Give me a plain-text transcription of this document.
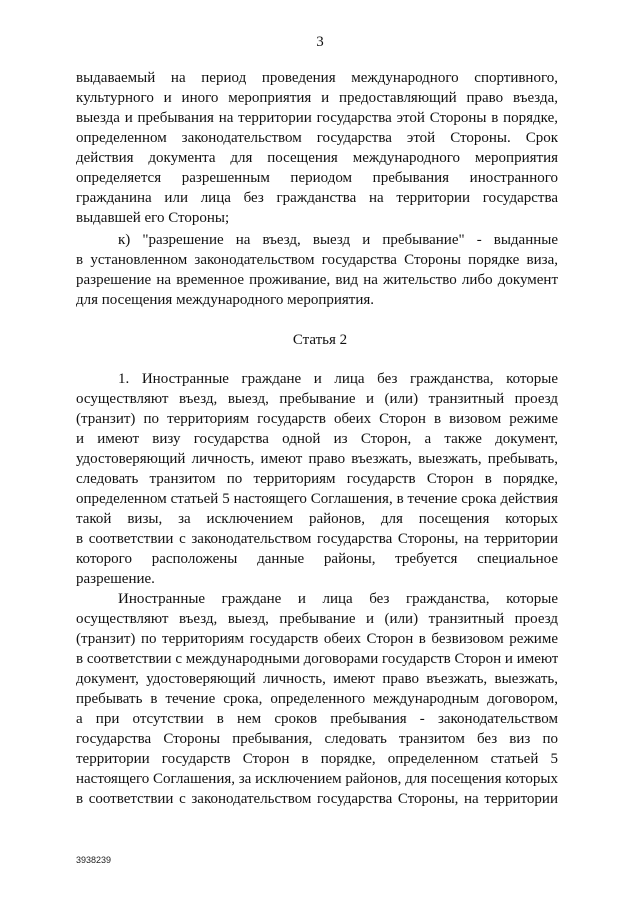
3
выдаваемый на период проведения международного спортивного,
культурного и иного мероприятия и предоставляющий право въезда,
выезда и пребывания на территории государства этой Стороны в порядке,
определенном законодательством государства этой Стороны. Срок
действия документа для посещения международного мероприятия
определяется разрешенным периодом пребывания иностранного
гражданина или лица без гражданства на территории государства
выдавшей его Стороны;
к) "разрешение на въезд, выезд и пребывание" - выданные
в установленном законодательством государства Стороны порядке виза,
разрешение на временное проживание, вид на жительство либо документ
для посещения международного мероприятия.
Статья 2
1. Иностранные граждане и лица без гражданства, которые
осуществляют въезд, выезд, пребывание и (или) транзитный проезд
(транзит) по территориям государств обеих Сторон в визовом режиме
и имеют визу государства одной из Сторон, а также документ,
удостоверяющий личность, имеют право въезжать, выезжать, пребывать,
следовать транзитом по территориям государств Сторон в порядке,
определенном статьей 5 настоящего Соглашения, в течение срока действия
такой визы, за исключением районов, для посещения которых
в соответствии с законодательством государства Стороны, на территории
которого расположены данные районы, требуется специальное
разрешение.
Иностранные граждане и лица без гражданства, которые
осуществляют въезд, выезд, пребывание и (или) транзитный проезд
(транзит) по территориям государств обеих Сторон в безвизовом режиме
в соответствии с международными договорами государств Сторон и имеют
документ, удостоверяющий личность, имеют право въезжать, выезжать,
пребывать в течение срока, определенного международным договором,
а при отсутствии в нем сроков пребывания - законодательством
государства Стороны пребывания, следовать транзитом без виз по
территории государств Сторон в порядке, определенном статьей 5
настоящего Соглашения, за исключением районов, для посещения которых
в соответствии с законодательством государства Стороны, на территории
3938239
